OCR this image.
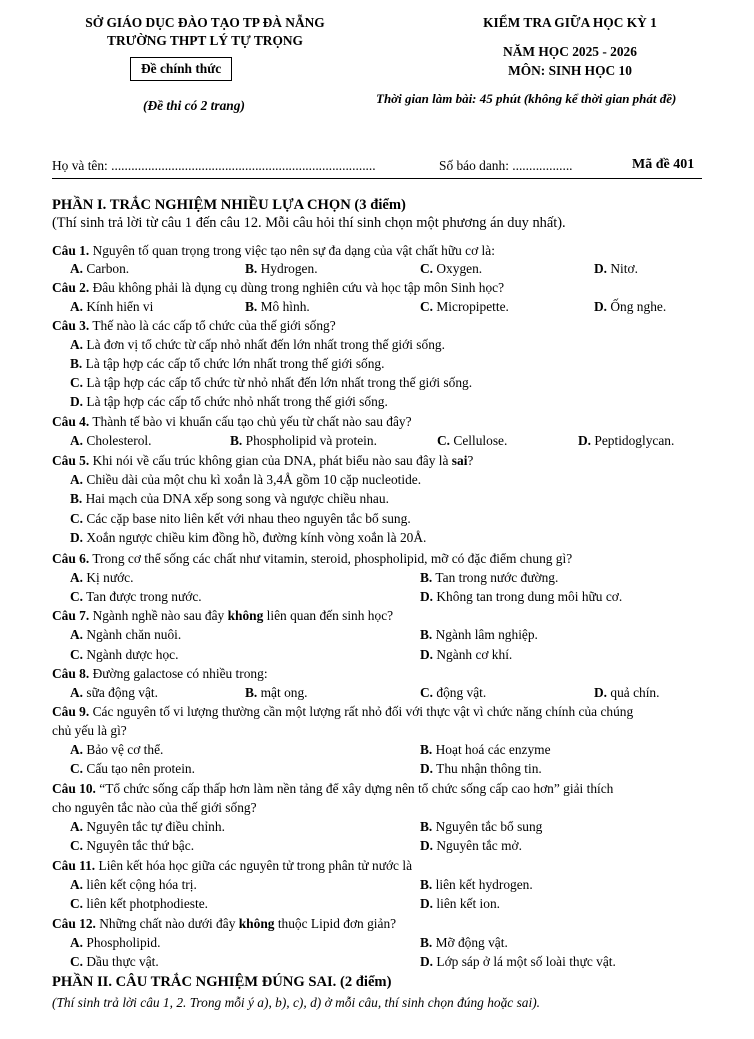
SỞ GIÁO DỤC ĐÀO TẠO TP ĐÀ NẴNG
TRƯỜNG THPT LÝ TỰ TRỌNG
Đề chính thức
(Đề thi có 2 trang)
KIỂM TRA GIỮA HỌC KỲ 1
NĂM HỌC 2025 - 2026
MÔN: SINH HỌC 10
Thời gian làm bài: 45 phút (không kể thời gian phát đề)
Họ và tên: ...............................................................................	Số báo danh: ..................	Mã đề 401
PHẦN I. TRẮC NGHIỆM NHIỀU LỰA CHỌN (3 điểm)
(Thí sinh trả lời từ câu 1 đến câu 12. Mỗi câu hỏi thí sinh chọn một phương án duy nhất).
Câu 1. Nguyên tố quan trọng trong việc tạo nên sự đa dạng của vật chất hữu cơ là:
A. Carbon.	B. Hydrogen.	C. Oxygen.	D. Nitơ.
Câu 2. Đâu không phải là dụng cụ dùng trong nghiên cứu và học tập môn Sinh học?
A. Kính hiển vi	B. Mô hình.	C. Micropipette.	D. Ống nghe.
Câu 3. Thế nào là các cấp tổ chức của thế giới sống?
A. Là đơn vị tổ chức từ cấp nhỏ nhất đến lớn nhất trong thế giới sống.
B. Là tập hợp các cấp tổ chức lớn nhất trong thế giới sống.
C. Là tập hợp các cấp tổ chức từ nhỏ nhất đến lớn nhất trong thế giới sống.
D. Là tập hợp các cấp tổ chức nhỏ nhất trong thế giới sống.
Câu 4. Thành tế bào vi khuẩn cấu tạo chủ yếu từ chất nào sau đây?
A. Cholesterol.	B. Phospholipid và protein.	C. Cellulose.	D. Peptidoglycan.
Câu 5. Khi nói về cấu trúc không gian của DNA, phát biểu nào sau đây là sai?
A. Chiều dài của một chu kì xoắn là 3,4Å gồm 10 cặp nucleotide.
B. Hai mạch của DNA xếp song song và ngược chiều nhau.
C. Các cặp base nito liên kết với nhau theo nguyên tắc bổ sung.
D. Xoắn ngược chiều kim đồng hồ, đường kính vòng xoắn là 20Å.
Câu 6. Trong cơ thể sống các chất như vitamin, steroid, phospholipid, mỡ có đặc điểm chung gì?
A. Kị nước.	B. Tan trong nước đường.
C. Tan được trong nước.	D. Không tan trong dung môi hữu cơ.
Câu 7. Ngành nghề nào sau đây không liên quan đến sinh học?
A. Ngành chăn nuôi.	B. Ngành lâm nghiệp.
C. Ngành dược học.	D. Ngành cơ khí.
Câu 8. Đường galactose có nhiều trong:
A. sữa động vật.	B. mật ong.	C. động vật.	D. quả chín.
Câu 9. Các nguyên tố vi lượng thường cần một lượng rất nhỏ đối với thực vật vì chức năng chính của chúng
chủ yếu là gì?
A. Bảo vệ cơ thể.	B. Hoạt hoá các enzyme
C. Cấu tạo nên protein.	D. Thu nhận thông tin.
Câu 10. “Tổ chức sống cấp thấp hơn làm nền tảng để xây dựng nên tổ chức sống cấp cao hơn” giải thích
cho nguyên tắc nào của thế giới sống?
A. Nguyên tắc tự điều chỉnh.	B. Nguyên tắc bổ sung
C. Nguyên tắc thứ bậc.	D. Nguyên tắc mở.
Câu 11. Liên kết hóa học giữa các nguyên tử trong phân tử nước là
A. liên kết cộng hóa trị.	B. liên kết hydrogen.
C. liên kết photphodieste.	D. liên kết ion.
Câu 12. Những chất nào dưới đây không thuộc Lipid đơn giản?
A. Phospholipid.	B. Mỡ động vật.
C. Dầu thực vật.	D. Lớp sáp ở lá một số loài thực vật.
PHẦN II. CÂU TRẮC NGHIỆM ĐÚNG SAI. (2 điểm)
(Thí sinh trả lời câu 1, 2. Trong mỗi ý a), b), c), d) ở mỗi câu, thí sinh chọn đúng hoặc sai).
